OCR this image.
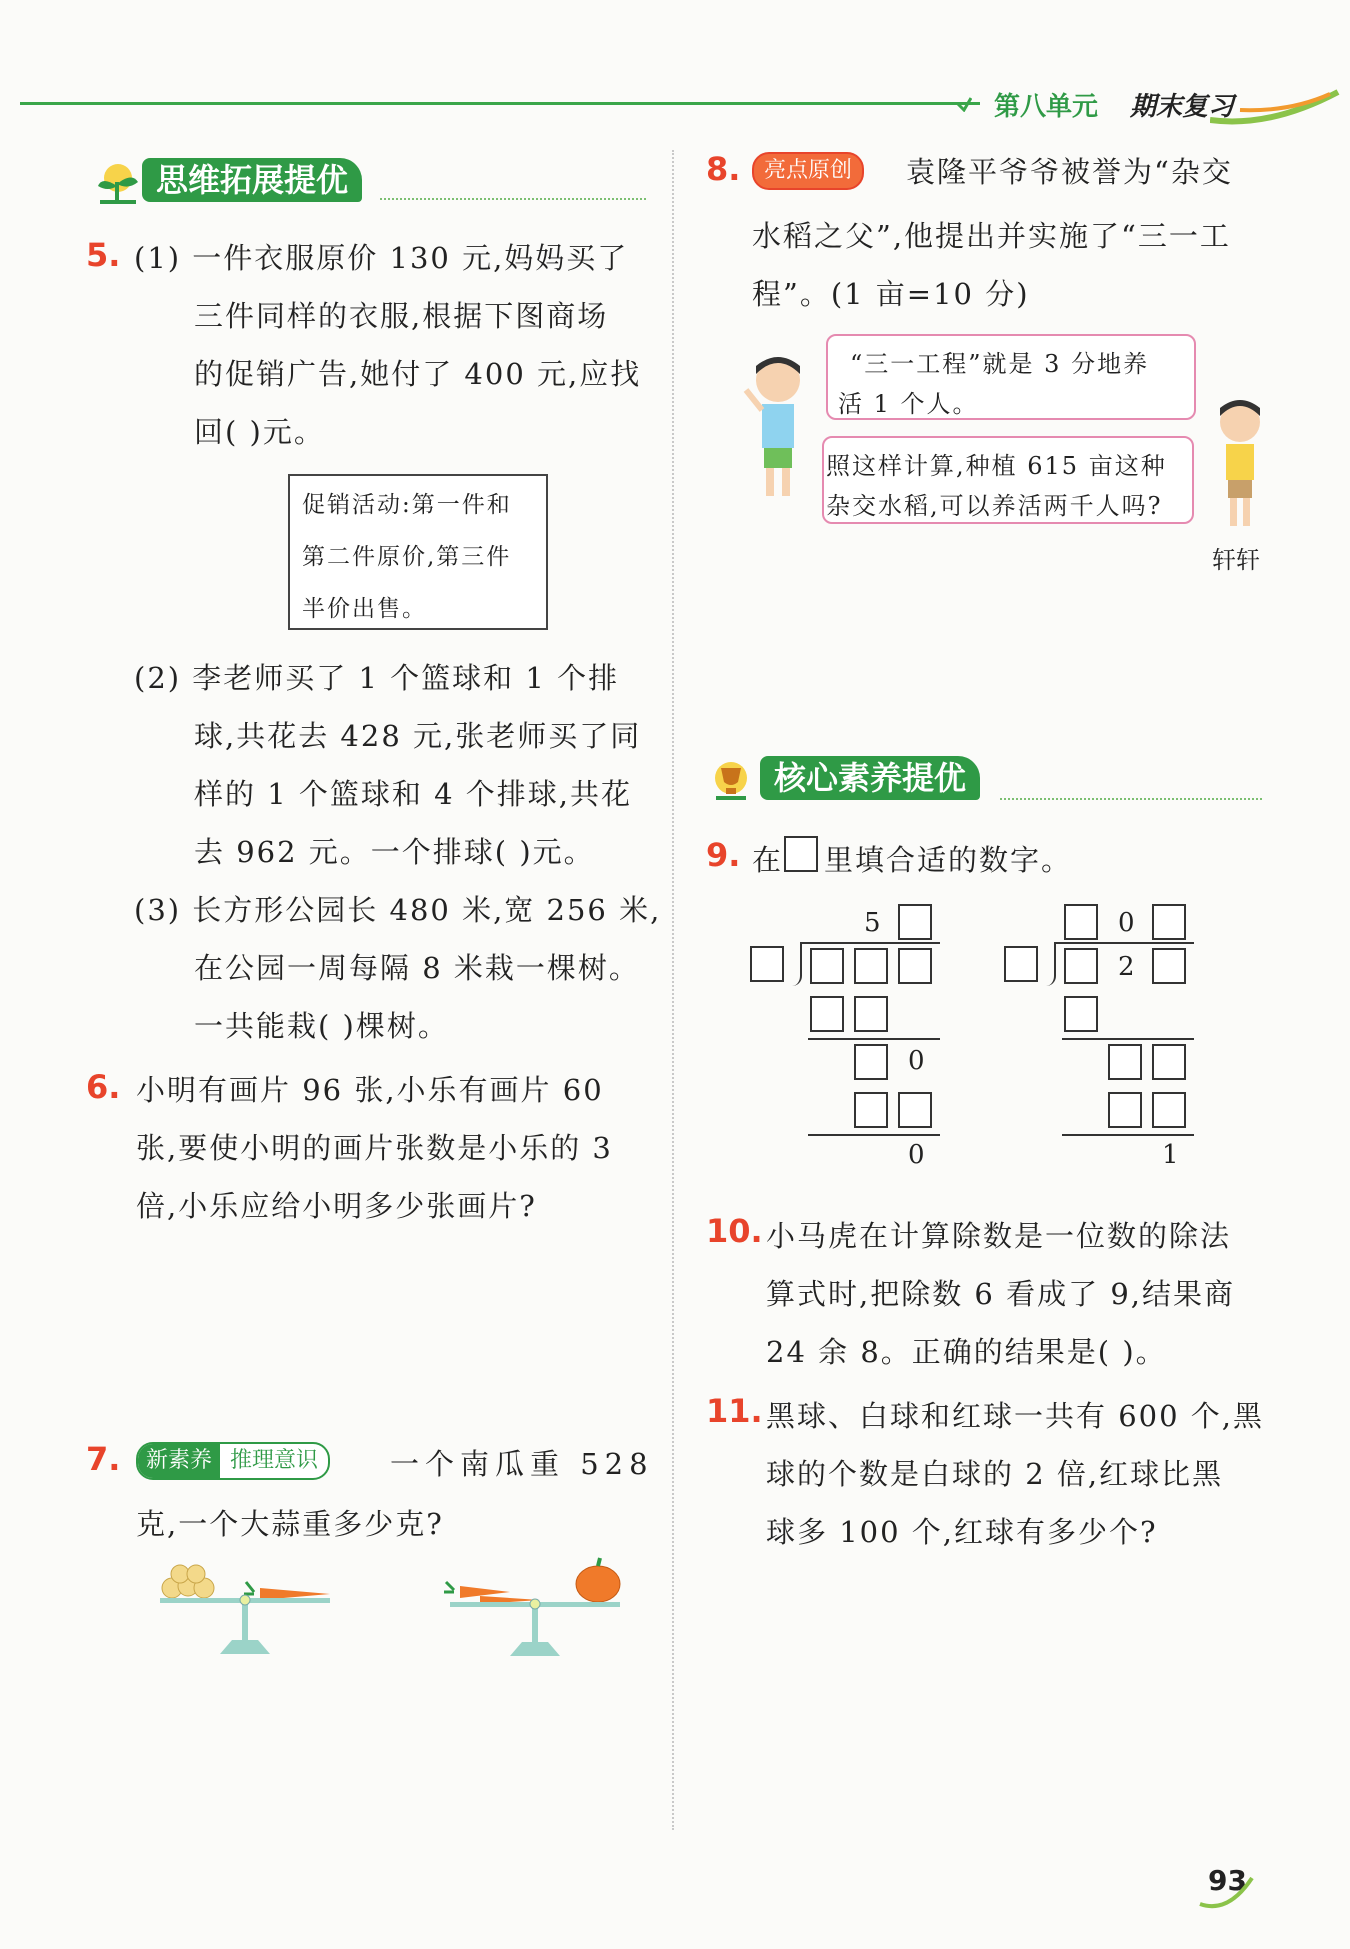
第八单元 期末复习
思维拓展提优
5. (1) 一件衣服原价 130 元,妈妈买了
三件同样的衣服,根据下图商场
的促销广告,她付了 400 元,应找
回( )元。
促销活动:第一件和
第二件原价,第三件
半价出售。
(2) 李老师买了 1 个篮球和 1 个排
球,共花去 428 元,张老师买了同
样的 1 个篮球和 4 个排球,共花
去 962 元。一个排球( )元。
(3) 长方形公园长 480 米,宽 256 米,
在公园一周每隔 8 米栽一棵树。
一共能栽( )棵树。
6. 小明有画片 96 张,小乐有画片 60
张,要使小明的画片张数是小乐的 3
倍,小乐应给小明多少张画片?
7.	新素养 推理意识	一个南瓜重 528
克,一个大蒜重多少克?
8.	亮点原创	袁隆平爷爷被誉为“杂交
水稻之父”,他提出并实施了“三一工
程”。(1 亩=10 分)
“三一工程”就是 3 分地养
活 1 个人。
照这样计算,种植 615 亩这种
杂交水稻,可以养活两千人吗?
轩轩
核心素养提优
9. 在 里填合适的数字。
5
0
0
0
2
1
10. 小马虎在计算除数是一位数的除法
算式时,把除数 6 看成了 9,结果商
24 余 8。正确的结果是( )。
11. 黑球、白球和红球一共有 600 个,黑
球的个数是白球的 2 倍,红球比黑
球多 100 个,红球有多少个?
93
